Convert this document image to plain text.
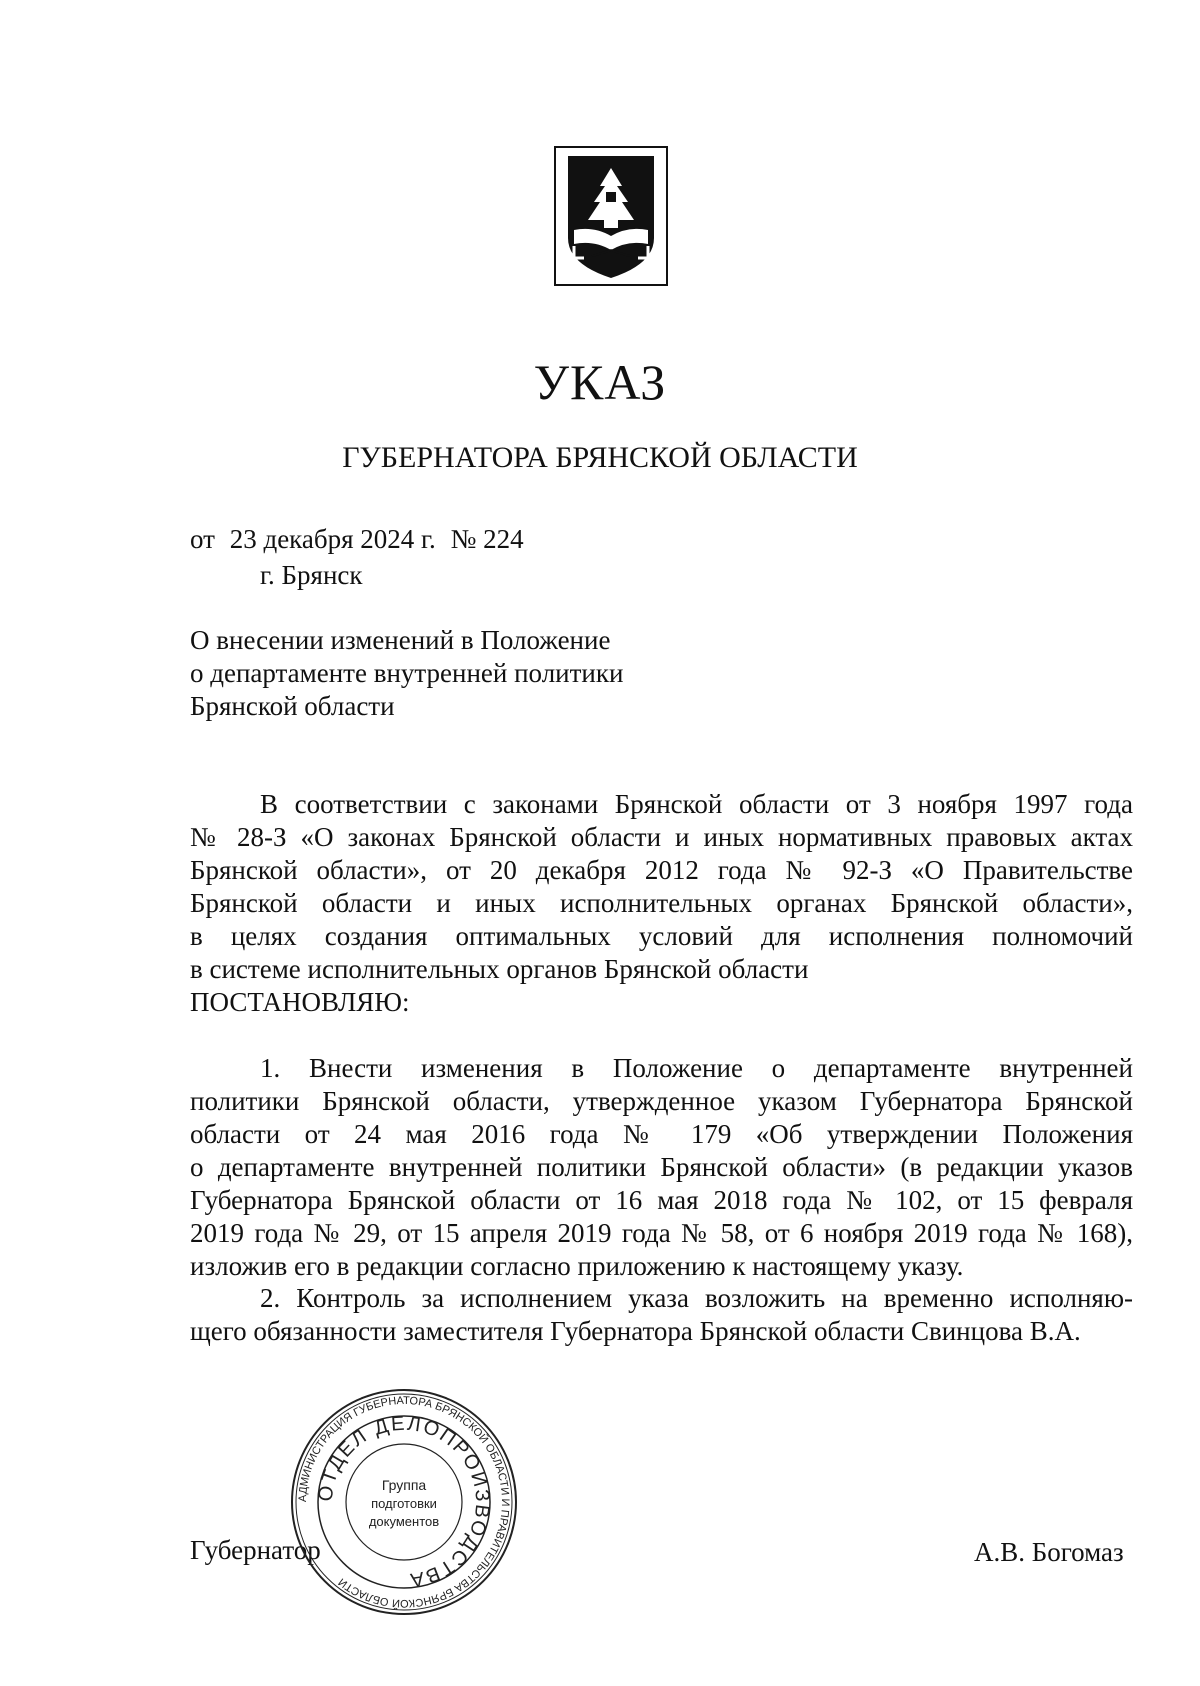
УКАЗ
ГУБЕРНАТОРА БРЯНСКОЙ ОБЛАСТИ
от 23 декабря 2024 г. № 224
г. Брянск
О внесении изменений в Положение
о департаменте внутренней политики
Брянской области
В соответствии с законами Брянской области от 3 ноября 1997 года
№ 28-З «О законах Брянской области и иных нормативных правовых актах
Брянской области», от 20 декабря 2012 года № 92-З «О Правительстве
Брянской области и иных исполнительных органах Брянской области»,
в целях создания оптимальных условий для исполнения полномочий
в системе исполнительных органов Брянской области
ПОСТАНОВЛЯЮ:
1. Внести изменения в Положение о департаменте внутренней
политики Брянской области, утвержденное указом Губернатора Брянской
области от 24 мая 2016 года № 179 «Об утверждении Положения
о департаменте внутренней политики Брянской области» (в редакции указов
Губернатора Брянской области от 16 мая 2018 года № 102, от 15 февраля
2019 года № 29, от 15 апреля 2019 года № 58, от 6 ноября 2019 года № 168),
изложив его в редакции согласно приложению к настоящему указу.
2. Контроль за исполнением указа возложить на временно исполняю-
щего обязанности заместителя Губернатора Брянской области Свинцова В.А.
Губернатор	А.В. Богомаз
АДМИНИСТРАЦИЯ ГУБЕРНАТОРА БРЯНСКОЙ ОБЛАСТИ И ПРАВИТЕЛЬСТВА БРЯНСКОЙ ОБЛАСТИ
ОТДЕЛ ДЕЛОПРОИЗВОДСТВА
Группа
подготовки
документов
